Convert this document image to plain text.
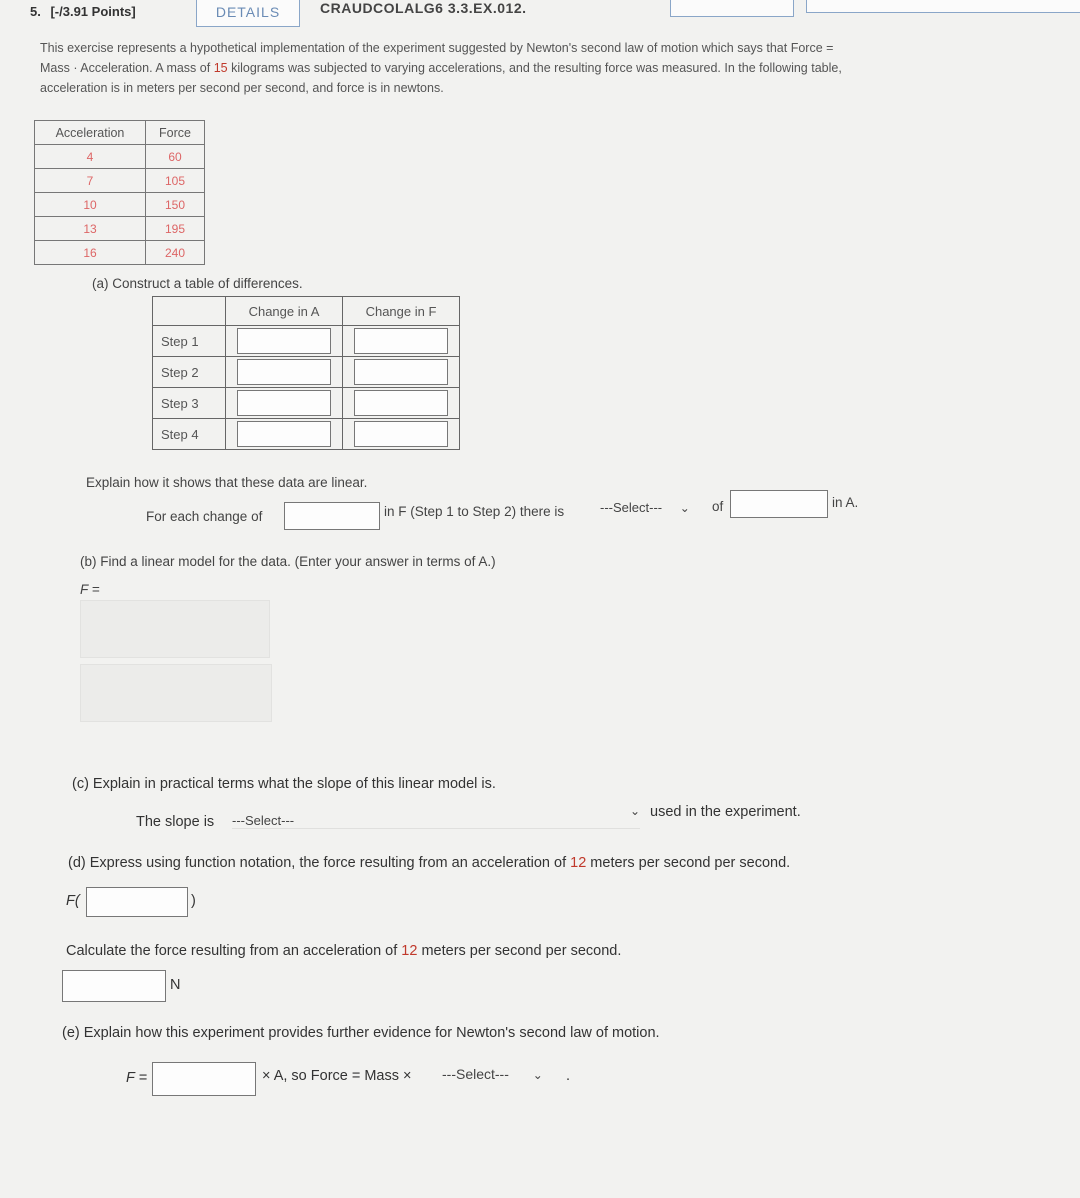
5. [-/3.91 Points]	DETAILS	CRAUDCOLALG6 3.3.EX.012.
This exercise represents a hypothetical implementation of the experiment suggested by Newton's second law of motion which says that Force =
Mass · Acceleration. A mass of 15 kilograms was subjected to varying accelerations, and the resulting force was measured. In the following table,
acceleration is in meters per second per second, and force is in newtons.
Acceleration	Force
4	60
7	105
10	150
13	195
16	240
(a) Construct a table of differences.
	Change in A	Change in F
Step 1	

Step 2	

Step 3	

Step 4	

Explain how it shows that these data are linear.
For each change of	in F (Step 1 to Step 2) there is	---Select--- ⌄ of	in A.
(b) Find a linear model for the data. (Enter your answer in terms of A.)
F =
(c) Explain in practical terms what the slope of this linear model is.
The slope is ---Select---
⌄ used in the experiment.
(d) Express using function notation, the force resulting from an acceleration of 12 meters per second per second.
F(	)
Calculate the force resulting from an acceleration of 12 meters per second per second.
N
(e) Explain how this experiment provides further evidence for Newton's second law of motion.
F =	× A, so Force = Mass × ---Select--- ⌄ .
